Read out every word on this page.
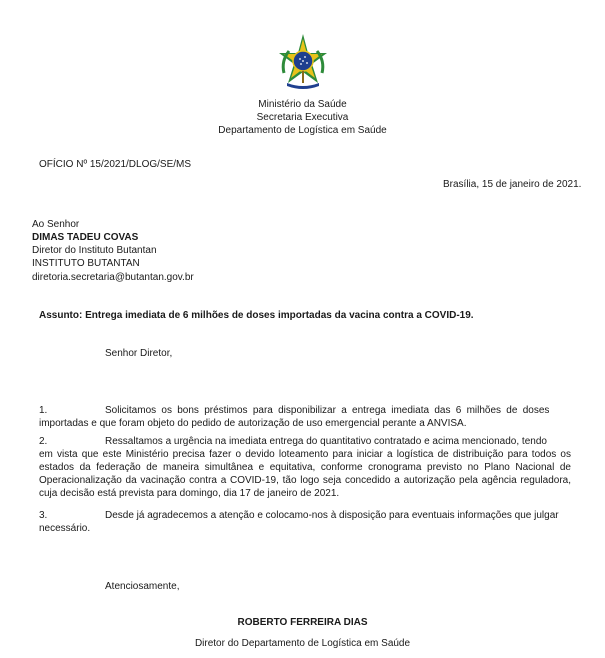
Ministério da Saúde
Secretaria Executiva
Departamento de Logística em Saúde
OFÍCIO Nº 15/2021/DLOG/SE/MS
Brasília, 15 de janeiro de 2021.
Ao Senhor
DIMAS TADEU COVAS
Diretor do Instituto Butantan
INSTITUTO BUTANTAN
diretoria.secretaria@butantan.gov.br
Assunto: Entrega imediata de 6 milhões de doses importadas da vacina contra a COVID-19.
Senhor Diretor,
1.	Solicitamos os bons préstimos para disponibilizar a entrega imediata das 6 milhões de doses
importadas e que foram objeto do pedido de autorização de uso emergencial perante a ANVISA.
2.	Ressaltamos a urgência na imediata entrega do quantitativo contratado e acima mencionado, tendo
em vista que este Ministério precisa fazer o devido loteamento para iniciar a logística de distribuição para todos os estados da federação de maneira simultânea e equitativa, conforme cronograma previsto no Plano Nacional de Operacionalização da vacinação contra a COVID-19, tão logo seja concedido a autorização pela agência reguladora, cuja decisão está prevista para domingo, dia 17 de janeiro de 2021.
3.	Desde já agradecemos a atenção e colocamo-nos à disposição para eventuais informações que julgar
necessário.
Atenciosamente,
ROBERTO FERREIRA DIAS
Diretor do Departamento de Logística em Saúde
